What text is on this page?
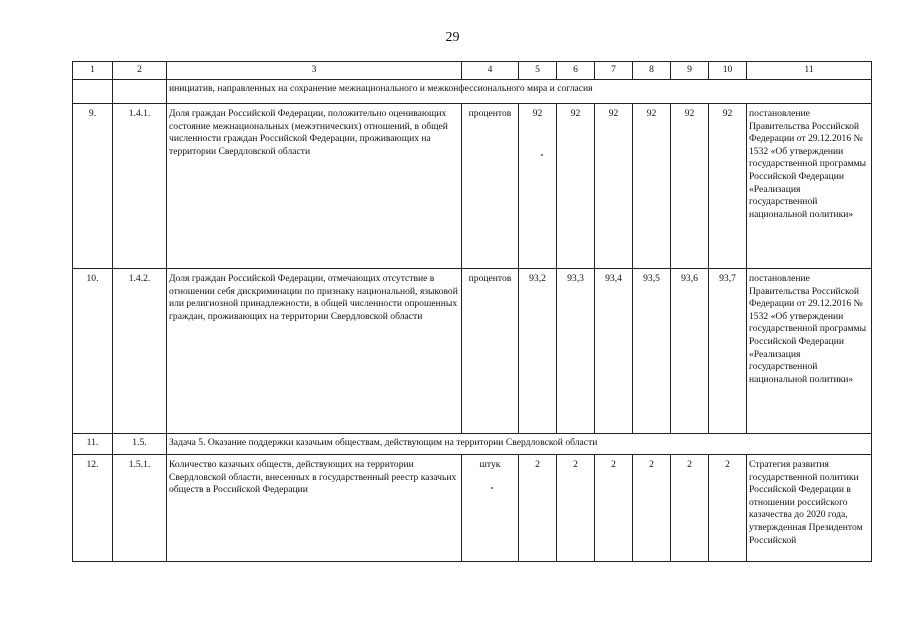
29
1	2	3	4	5	6	7	8	9	10	11
		инициатив, направленных на сохранение межнационального и межконфессионального мира и согласия								
9.	1.4.1.	Доля граждан Российской Федерации, положительно оценивающих состояние межнациональных (межэтнических) отношений, в общей численности граждан Российской Федерации, проживающих на территории Свердловской области	процентов	92	92	92	92	92	92	постановление Правительства Российской Федерации от 29.12.2016 № 1532 «Об утверждении государственной программы Российской Федерации «Реализация государственной национальной политики»
10.	1.4.2.	Доля граждан Российской Федерации, отмечающих отсутствие в отношении себя дискриминации по признаку национальной, языковой или религиозной принадлежности, в общей численности опрошенных граждан, проживающих на территории Свердловской области	процентов	93,2	93,3	93,4	93,5	93,6	93,7	постановление Правительства Российской Федерации от 29.12.2016 № 1532 «Об утверждении государственной программы Российской Федерации «Реализация государственной национальной политики»
11.	1.5.	Задача 5. Оказание поддержки казачьим обществам, действующим на территории Свердловской области								
12.	1.5.1.	Количество казачьих обществ, действующих на территории Свердловской области, внесенных в государственный реестр казачьих обществ в Российской Федерации	штук	2	2	2	2	2	2	Стратегия развития государственной политики Российской Федерации в отношении российского казачества до 2020 года, утвержденная Президентом Российской
